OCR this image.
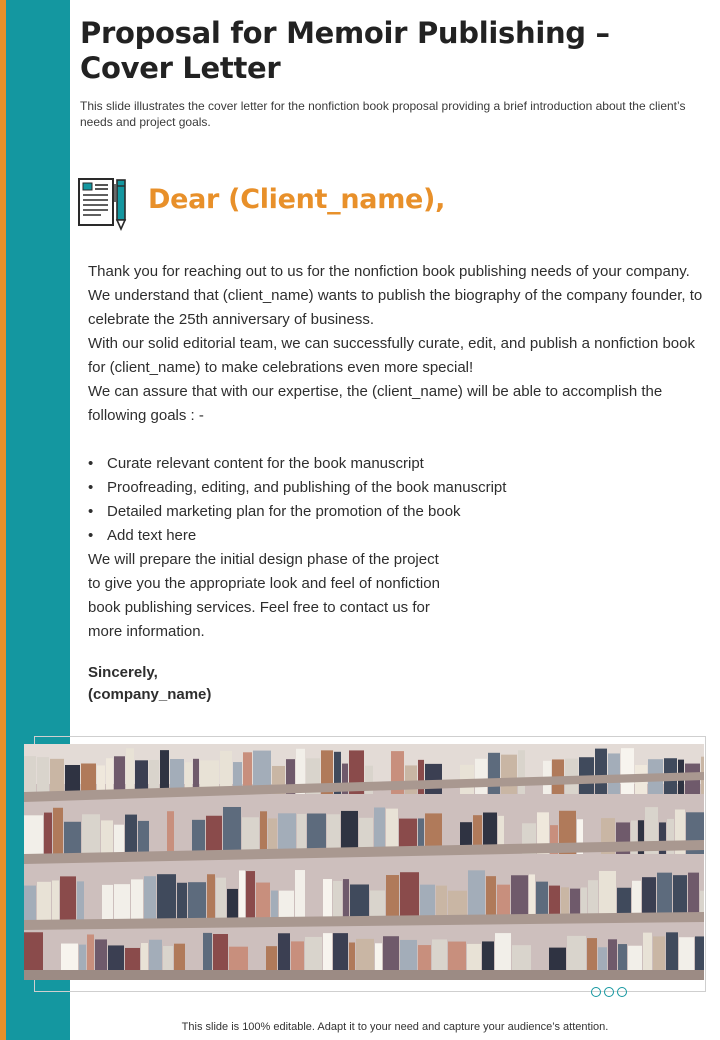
Proposal for Memoir Publishing – Cover Letter

This slide illustrates the cover letter for the nonfiction book proposal providing a brief introduction about the client’s needs and project goals.

Dear (Client_name),

Thank you for reaching out to us for the nonfiction book publishing needs of your company. We understand that (client_name) wants to publish the biography of the company founder, to celebrate the 25th anniversary of business.

With our solid editorial team, we can successfully curate, edit, and publish a nonfiction book for (client_name) to make celebrations even more special!

We can assure that with our expertise, the (client_name) will be able to accomplish the following goals : -

• Curate relevant content for the book manuscript
• Proofreading, editing, and publishing of the book manuscript
• Detailed marketing plan for the promotion of the book
• Add text here

We will prepare the initial design phase of the project

to give you the appropriate look and feel of nonfiction

book publishing services. Feel free to contact us for

more information.

Sincerely,
(company_name)
This slide is 100% editable. Adapt it to your need and capture your audience’s attention.
